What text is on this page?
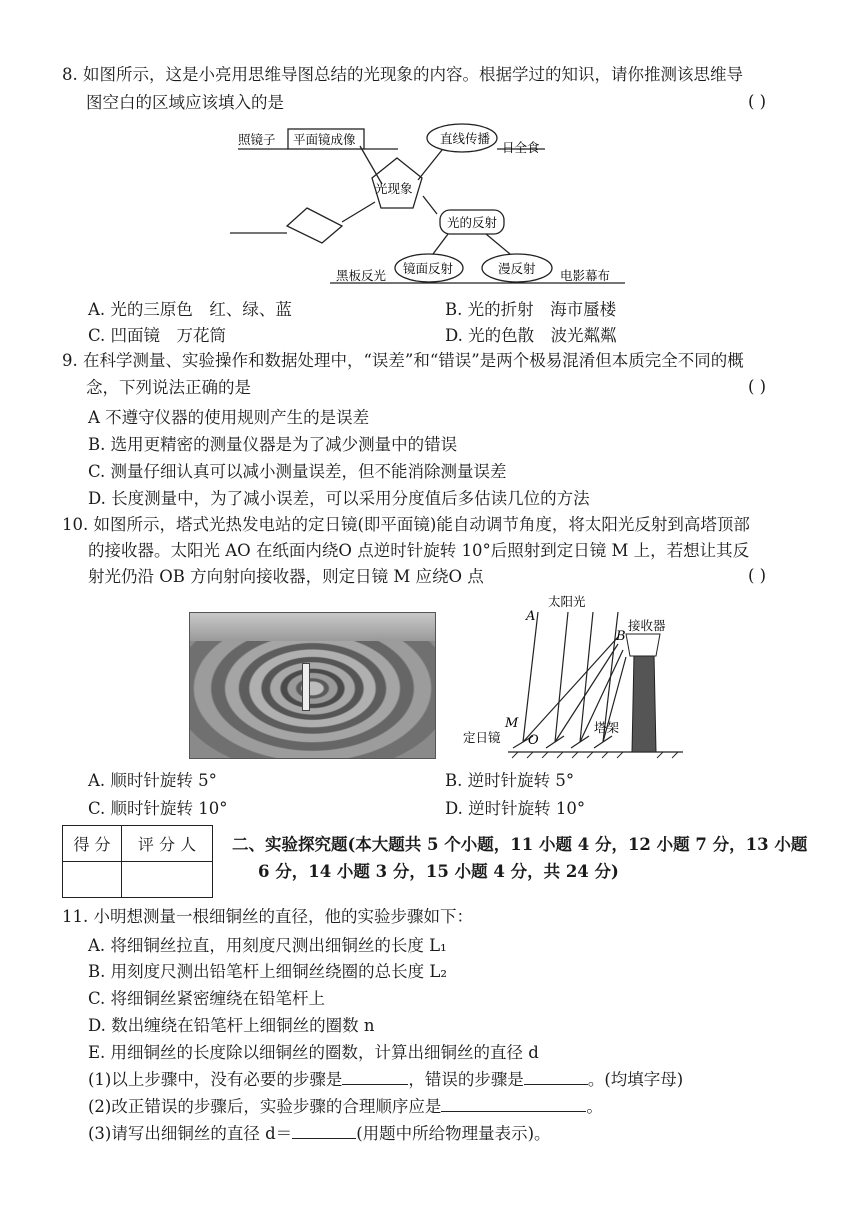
8. 如图所示，这是小亮用思维导图总结的光现象的内容。根据学过的知识，请你推测该思维导
图空白的区域应该填入的是	( )
照镜子 平面镜成像	直线传播
日全食
光现象
光的反射
镜面反射	漫反射
黑板反光	电影幕布
A. 光的三原色　红、绿、蓝	B. 光的折射　海市蜃楼
C. 凹面镜　万花筒	D. 光的色散　波光粼粼
9. 在科学测量、实验操作和数据处理中，“误差”和“错误”是两个极易混淆但本质完全不同的概
念，下列说法正确的是	( )
A 不遵守仪器的使用规则产生的是误差
B. 选用更精密的测量仪器是为了减少测量中的错误
C. 测量仔细认真可以减小测量误差，但不能消除测量误差
D. 长度测量中，为了减小误差，可以采用分度值后多估读几位的方法
10. 如图所示，塔式光热发电站的定日镜(即平面镜)能自动调节角度，将太阳光反射到高塔顶部
的接收器。太阳光 AO 在纸面内绕O 点逆时针旋转 10°后照射到定日镜 M 上，若想让其反
射光仍沿 OB 方向射向接收器，则定日镜 M 应绕O 点	( )
A
太阳光
接收器
B
塔架
M
O
定日镜
A. 顺时针旋转 5°	B. 逆时针旋转 5°
C. 顺时针旋转 10°	D. 逆时针旋转 10°
得 分	评 分 人
	二、实验探究题(本大题共 5 个小题，11 小题 4 分，12 小题 7 分，13 小题
6 分，14 小题 3 分，15 小题 4 分，共 24 分)
11. 小明想测量一根细铜丝的直径，他的实验步骤如下：
A. 将细铜丝拉直，用刻度尺测出细铜丝的长度 L₁
B. 用刻度尺测出铅笔杆上细铜丝绕圈的总长度 L₂
C. 将细铜丝紧密缠绕在铅笔杆上
D. 数出缠绕在铅笔杆上细铜丝的圈数 n
E. 用细铜丝的长度除以细铜丝的圈数，计算出细铜丝的直径 d
(1)以上步骤中，没有必要的步骤是	，错误的步骤是	。(均填字母)
(2)改正错误的步骤后，实验步骤的合理顺序应是	。
(3)请写出细铜丝的直径 d＝	(用题中所给物理量表示)。
